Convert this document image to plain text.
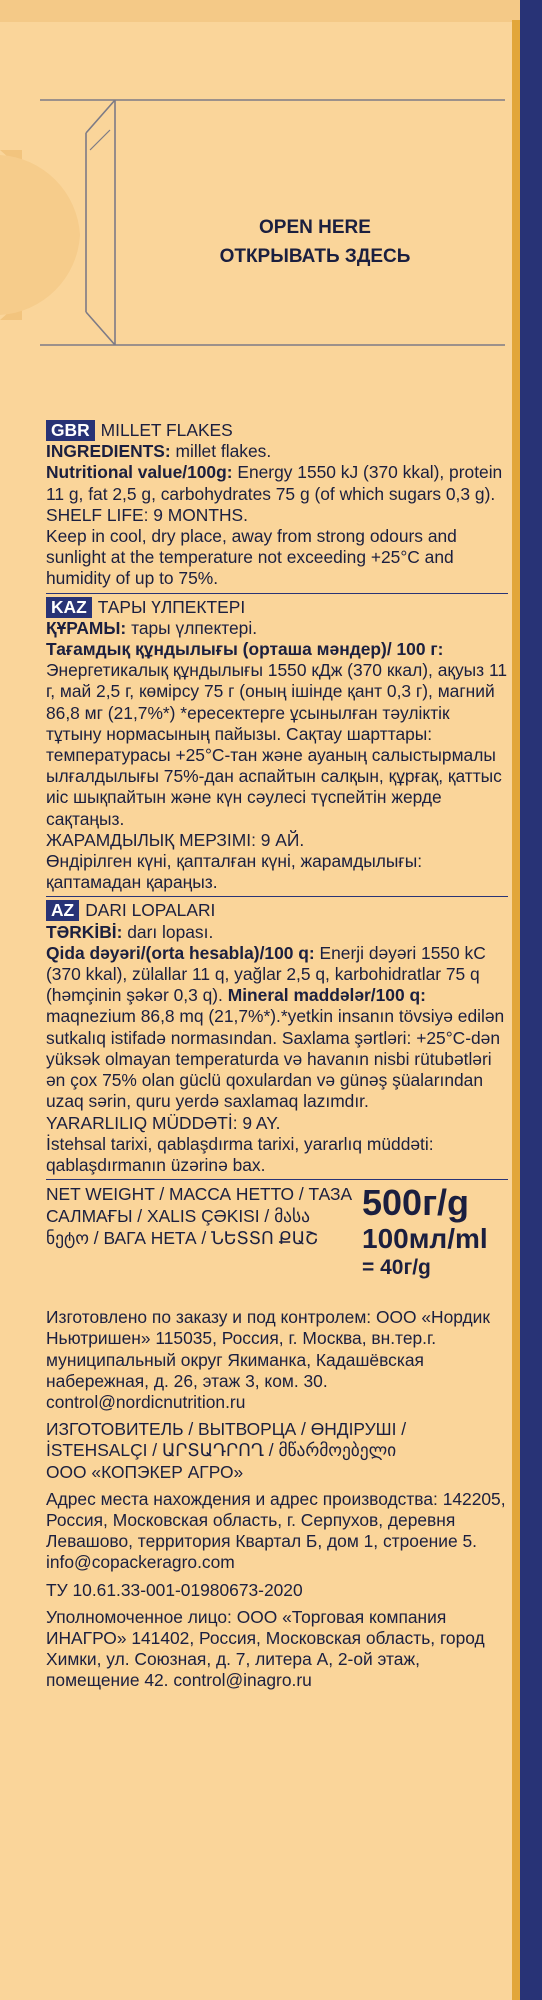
OPEN HERE
ОТКРЫВАТЬ ЗДЕСЬ
GBR MILLET FLAKES
INGREDIENTS: millet flakes.
Nutritional value/100g: Energy 1550 kJ (370 kkal), protein 11 g, fat 2,5 g, carbohydrates 75 g (of which sugars 0,3 g).
SHELF LIFE: 9 MONTHS.
Keep in cool, dry place, away from strong odours and sunlight at the temperature not exceeding +25°C and humidity of up to 75%.
KAZ ТАРЫ ҮЛПЕКТЕРІ
ҚҰРАМЫ: тары үлпектері.
Тағамдық құндылығы (орташа мәндер)/ 100 г: Энергетикалық құндылығы 1550 кДж (370 ккал), ақуыз 11 г, май 2,5 г, көмірсу 75 г (оның ішінде қант 0,3 г), магний 86,8 мг (21,7%*) *ересектерге ұсынылған тәуліктік тұтыну нормасының пайызы. Сақтау шарттары: температурасы +25°С-тан және ауаның салыстырмалы ылғалдылығы 75%-дан аспайтын салқын, құрғақ, қаттыс иіс шықпайтын және күн сәулесі түспейтін жерде сақтаңыз.
ЖАРАМДЫЛЫҚ МЕРЗІМІ: 9 АЙ.
Өндірілген күні, қапталған күні, жарамдылығы: қаптамадан қараңыз.
AZ DARI LOPALARI
TƏRKİBİ: darı lopası.
Qida dəyəri/(orta hesabla)/100 q: Enerji dəyəri 1550 kC (370 kkal), zülallar 11 q, yağlar 2,5 q, karbohidratlar 75 q (həmçinin şəkər 0,3 q). Mineral maddələr/100 q: maqnezium 86,8 mq (21,7%*).*yetkin insanın tövsiyə edilən sutkalıq istifadə normasından. Saxlama şərtləri: +25°C-dən yüksək olmayan temperaturda və havanın nisbi rütubətləri ən çox 75% olan güclü qoxulardan və günəş şüalarından uzaq sərin, quru yerdə saxlamaq lazımdır.
YARARLILIQ MÜDDƏTİ: 9 AY.
İstehsal tarixi, qablaşdırma tarixi, yararlıq müddəti: qablaşdırmanın üzərinə bax.
NET WEIGHT / МАССА НЕТТО / ТАЗА САЛМАҒЫ / XALIS ÇƏKISI / მასა ნეტო / ВАГА НЕТА / ՆԵՏՏՈ ՔԱՇ
500г/g
100мл/ml
= 40г/g
Изготовлено по заказу и под контролем: ООО «Нордик Ньютришен» 115035, Россия, г. Москва, вн.тер.г. муниципальный округ Якиманка, Кадашёвская набережная, д. 26, этаж 3, ком. 30. control@nordicnutrition.ru
ИЗГОТОВИТЕЛЬ / ВЫТВОРЦА / ӨНДІРУШІ / İSTEHSALÇI / ԱՐՏԱԴՐՈՂ / მწარმოებელი
ООО «КОПЭКЕР АГРО»
Адрес места нахождения и адрес производства: 142205, Россия, Московская область, г. Серпухов, деревня Левашово, территория Квартал Б, дом 1, строение 5. info@copackeragro.com
ТУ 10.61.33-001-01980673-2020
Уполномоченное лицо: ООО «Торговая компания ИНАГРО» 141402, Россия, Московская область, город Химки, ул. Союзная, д. 7, литера А, 2-ой этаж, помещение 42. control@inagro.ru
